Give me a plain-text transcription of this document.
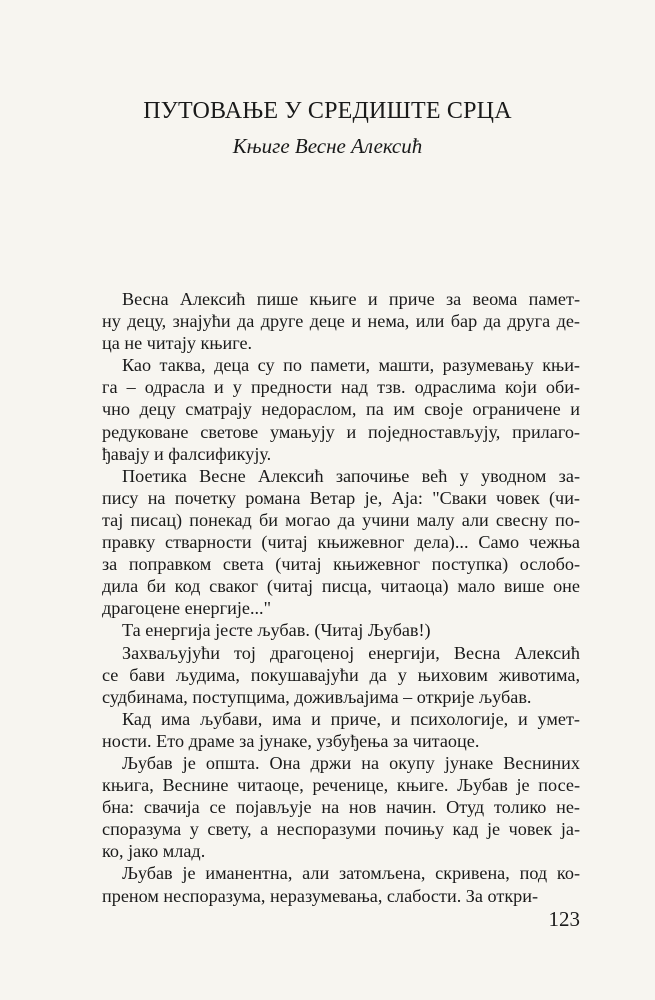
ПУТОВАЊЕ У СРЕДИШТЕ СРЦА
Књиге Весне Алексић

Весна Алексић пише књиге и приче за веома памет-
ну децу, знајући да друге деце и нема, или бар да друга де-
ца не читају књиге.

Као таква, деца су по памети, машти, разумевању књи-
га – одрасла и у предности над тзв. одраслима који оби-
чно децу сматрају недораслом, па им своје ограничене и
редуковане светове умањују и поједностављују, прилаго-
ђавају и фалсификују.

Поетика Весне Алексић започиње већ у уводном за-
пису на почетку романа Ветар је, Аја: "Сваки човек (чи-
тај писац) понекад би могао да учини малу али свесну по-
правку стварности (читај књижевног дела)... Само чежња
за поправком света (читај књижевног поступка) ослобо-
дила би код сваког (читај писца, читаоца) мало више оне
драгоцене енергије..."

Та енергија јесте љубав. (Читај Љубав!)

Захваљујући тој драгоценој енергији, Весна Алексић
се бави људима, покушавајући да у њиховим животима,
судбинама, поступцима, доживљајима – открије љубав.

Кад има љубави, има и приче, и психологије, и умет-
ности. Ето драме за јунаке, узбуђења за читаоце.

Љубав је општа. Она држи на окупу јунаке Весниних
књига, Веснине читаоце, реченице, књиге. Љубав је посе-
бна: свачија се појављује на нов начин. Отуд толико не-
споразума у свету, а неспоразуми почињу кад је човек ја-
ко, јако млад.

Љубав је иманентна, али затомљена, скривена, под ко-
преном неспоразума, неразумевања, слабости. За откри-

123
